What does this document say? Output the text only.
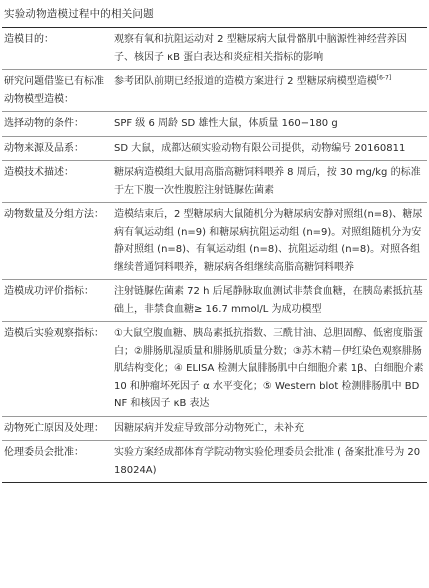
实验动物造模过程中的相关问题
造模目的：	观察有氧和抗阻运动对 2 型糖尿病大鼠骨骼肌中脑源性神经营养因子、核因子 κB 蛋白表达和炎症相关指标的影响
研究问题借鉴已有标准动物模型造模：	参考团队前期已经报道的造模方案进行 2 型糖尿病模型造模[6-7]
选择动物的条件：	SPF 级 6 周龄 SD 雄性大鼠，体质量 160−180 g
动物来源及品系：	SD 大鼠，成都达硕实验动物有限公司提供，动物编号 20160811
造模技术描述：	糖尿病造模组大鼠用高脂高糖饲料喂养 8 周后，按 30 mg/kg 的标准于左下腹一次性腹腔注射链脲佐菌素
动物数量及分组方法：	造模结束后，2 型糖尿病大鼠随机分为糖尿病安静对照组(n=8)、糖尿病有氧运动组 (n=9) 和糖尿病抗阻运动组 (n=9)。对照组随机分为安静对照组 (n=8)、有氧运动组 (n=8)、抗阻运动组 (n=8)。对照各组继续普通饲料喂养，糖尿病各组继续高脂高糖饲料喂养
造模成功评价指标：	注射链脲佐菌素 72 h 后尾静脉取血测试非禁食血糖，在胰岛素抵抗基础上，非禁食血糖≥ 16.7 mmol/L 为成功模型
造模后实验观察指标：	①大鼠空腹血糖、胰岛素抵抗指数、三酰甘油、总胆固醇、低密度脂蛋白；②腓肠肌湿质量和腓肠肌质量分数；③苏木精－伊红染色观察腓肠肌结构变化；④ ELISA 检测大鼠腓肠肌中白细胞介素 1β、白细胞介素 10 和肿瘤坏死因子 α 水平变化；⑤ Western blot 检测腓肠肌中 BDNF 和核因子 κB 表达
动物死亡原因及处理：	因糖尿病并发症导致部分动物死亡，未补充
伦理委员会批准：	实验方案经成都体育学院动物实验伦理委员会批准 ( 备案批准号为 2018024A)
